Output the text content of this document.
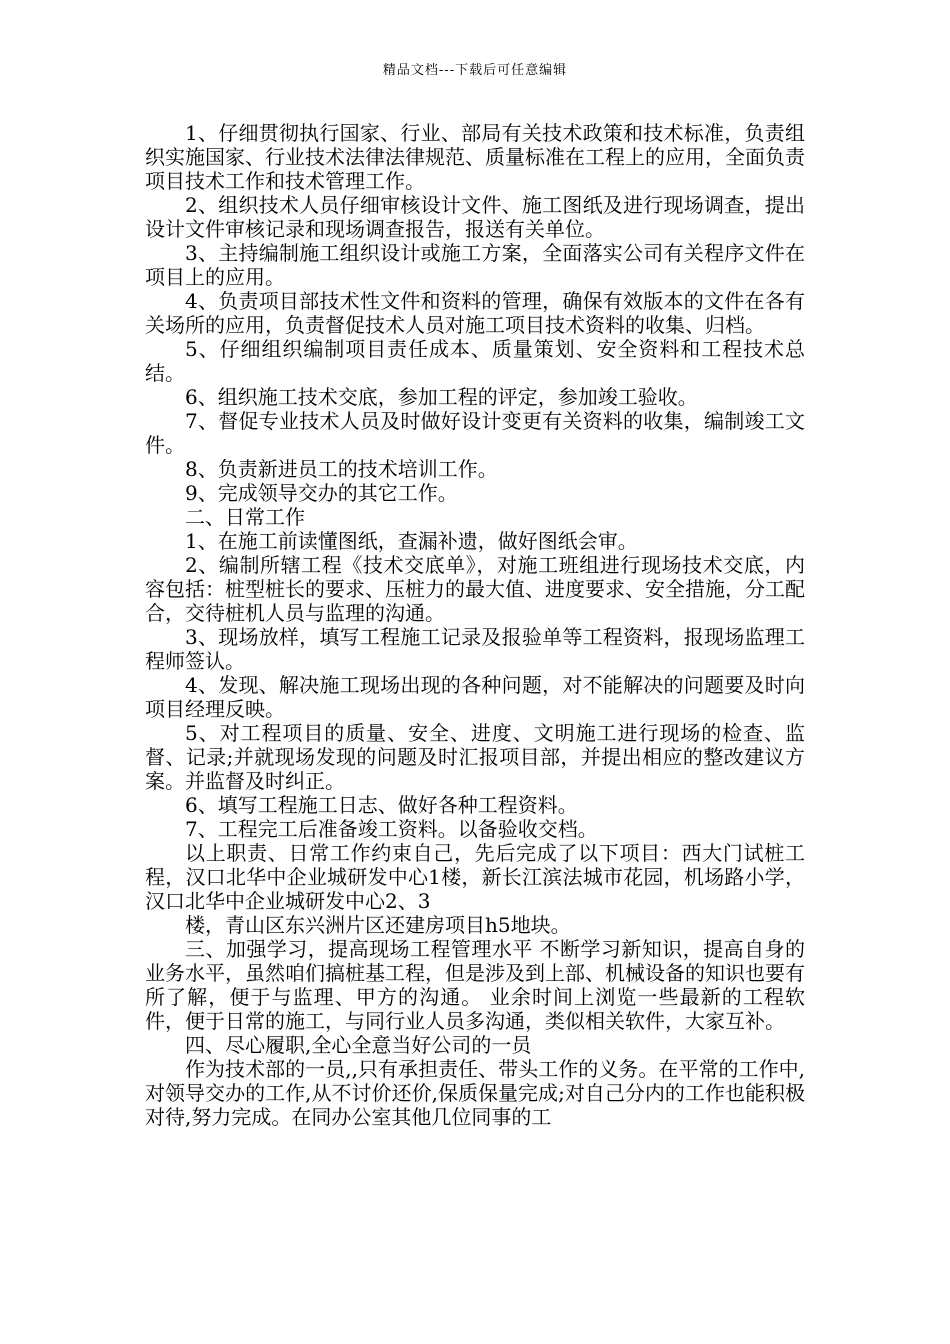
精品文档---下载后可任意编辑

1、仔细贯彻执行国家、行业、部局有关技术政策和技术标准，负责组织实施国家、行业技术法律法律规范、质量标准在工程上的应用，全面负责项目技术工作和技术管理工作。

2、组织技术人员仔细审核设计文件、施工图纸及进行现场调查，提出设计文件审核记录和现场调查报告，报送有关单位。

3、主持编制施工组织设计或施工方案，全面落实公司有关程序文件在项目上的应用。

4、负责项目部技术性文件和资料的管理，确保有效版本的文件在各有关场所的应用，负责督促技术人员对施工项目技术资料的收集、归档。

5、仔细组织编制项目责任成本、质量策划、安全资料和工程技术总结。

6、组织施工技术交底，参加工程的评定，参加竣工验收。

7、督促专业技术人员及时做好设计变更有关资料的收集，编制竣工文件。

8、负责新进员工的技术培训工作。

9、完成领导交办的其它工作。

二、日常工作

1、在施工前读懂图纸，查漏补遗，做好图纸会审。

2、编制所辖工程《技术交底单》，对施工班组进行现场技术交底，内容包括：桩型桩长的要求、压桩力的最大值、进度要求、安全措施，分工配合，交待桩机人员与监理的沟通。

3、现场放样，填写工程施工记录及报验单等工程资料，报现场监理工程师签认。

4、发现、解决施工现场出现的各种问题，对不能解决的问题要及时向项目经理反映。

5、对工程项目的质量、安全、进度、文明施工进行现场的检查、监督、记录;并就现场发现的问题及时汇报项目部，并提出相应的整改建议方案。并监督及时纠正。

6、填写工程施工日志、做好各种工程资料。

7、工程完工后准备竣工资料。以备验收交档。

以上职责、日常工作约束自己，先后完成了以下项目：西大门试桩工程，汉口北华中企业城研发中心1楼，新长江滨法城市花园，机场路小学，汉口北华中企业城研发中心2、3

楼，青山区东兴洲片区还建房项目h5地块。

三、加强学习，提高现场工程管理水平 不断学习新知识，提高自身的业务水平，虽然咱们搞桩基工程，但是涉及到上部、机械设备的知识也要有所了解，便于与监理、甲方的沟通。 业余时间上浏览一些最新的工程软件，便于日常的施工，与同行业人员多沟通，类似相关软件，大家互补。

四、尽心履职,全心全意当好公司的一员

作为技术部的一员,,只有承担责任、带头工作的义务。在平常的工作中,对领导交办的工作,从不讨价还价,保质保量完成;对自己分内的工作也能积极对待,努力完成。在同办公室其他几位同事的工
